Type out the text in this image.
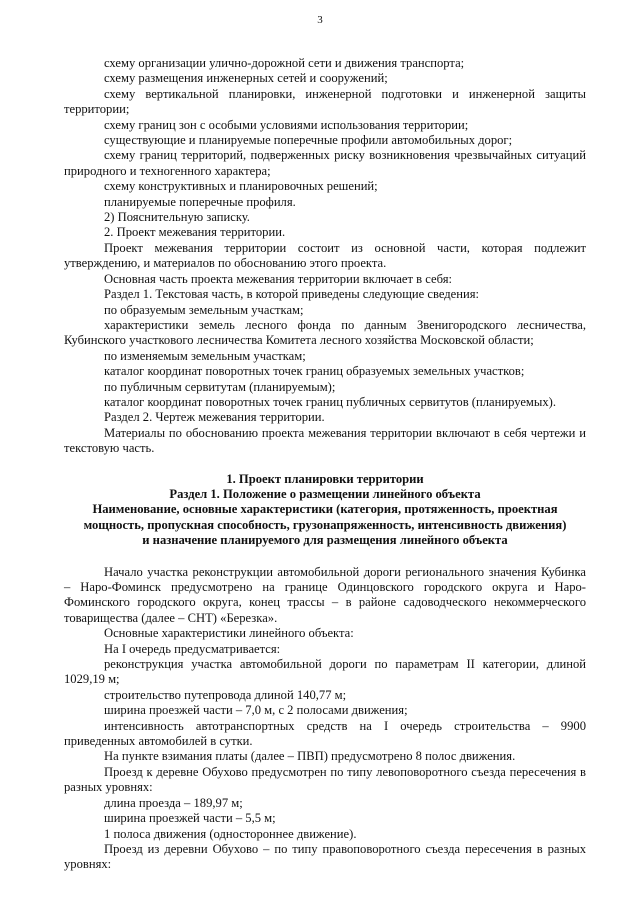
3

схему организации улично-дорожной сети и движения транспорта;

схему размещения инженерных сетей и сооружений;

схему вертикальной планировки, инженерной подготовки и инженерной защиты территории;

схему границ зон с особыми условиями использования территории;

существующие и планируемые поперечные профили автомобильных дорог;

схему границ территорий, подверженных риску возникновения чрезвычайных ситуаций природного и техногенного характера;

схему конструктивных и планировочных решений;

планируемые поперечные профиля.

2) Пояснительную записку.

2. Проект межевания территории.

Проект межевания территории состоит из основной части, которая подлежит утверждению, и материалов по обоснованию этого проекта.

Основная часть проекта межевания территории включает в себя:

Раздел 1. Текстовая часть, в которой приведены следующие сведения:

по образуемым земельным участкам;

характеристики земель лесного фонда по данным Звенигородского лесничества, Кубинского участкового лесничества Комитета лесного хозяйства Московской области;

по изменяемым земельным участкам;

каталог координат поворотных точек границ образуемых земельных участков;

по публичным сервитутам (планируемым);

каталог координат поворотных точек границ публичных сервитутов (планируемых).

Раздел 2. Чертеж межевания территории.

Материалы по обоснованию проекта межевания территории включают в себя чертежи и текстовую часть.

1. Проект планировки территории

Раздел 1. Положение о размещении линейного объекта

Наименование, основные характеристики (категория, протяженность, проектная мощность, пропускная способность, грузонапряженность, интенсивность движения)

и назначение планируемого для размещения линейного объекта

Начало участка реконструкции автомобильной дороги регионального значения Кубинка – Наро-Фоминск предусмотрено на границе Одинцовского городского округа и Наро-Фоминского городского округа, конец трассы – в районе садоводческого некоммерческого товарищества (далее – СНТ) «Березка».

Основные характеристики линейного объекта:

На I очередь предусматривается:

реконструкция участка автомобильной дороги по параметрам II категории, длиной 1029,19 м;

строительство путепровода длиной 140,77 м;

ширина проезжей части – 7,0 м, с 2 полосами движения;

интенсивность автотранспортных средств на I очередь строительства – 9900 приведенных автомобилей в сутки.

На пункте взимания платы (далее – ПВП) предусмотрено 8 полос движения.

Проезд к деревне Обухово предусмотрен по типу левоповоротного съезда пересечения в разных уровнях:

длина проезда – 189,97 м;

ширина проезжей части – 5,5 м;

1 полоса движения (одностороннее движение).

Проезд из деревни Обухово – по типу правоповоротного съезда пересечения в разных уровнях:
